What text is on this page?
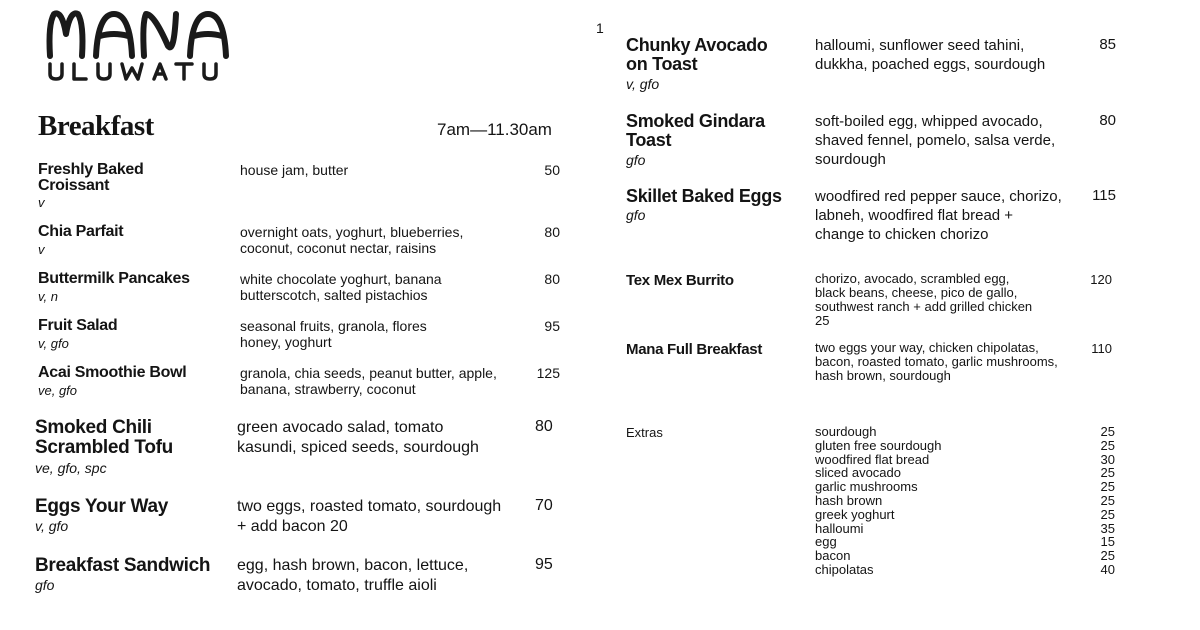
1
Breakfast	7am—11.30am
Freshly Baked Croissant
v
house jam, butter	50
Chia Parfait
v
overnight oats, yoghurt, blueberries, coconut, coconut nectar, raisins
80
Buttermilk Pancakes
v, n
white chocolate yoghurt, banana butterscotch, salted pistachios
80
Fruit Salad
v, gfo
seasonal fruits, granola, flores honey, yoghurt
95
Acai Smoothie Bowl
ve, gfo
granola, chia seeds, peanut butter, apple, banana, strawberry, coconut
125
Smoked Chili Scrambled Tofu
ve, gfo, spc
green avocado salad, tomato kasundi, spiced seeds, sourdough
80
Eggs Your Way
v, gfo
two eggs, roasted tomato, sourdough + add bacon 20
70
Breakfast Sandwich
gfo
egg, hash brown, bacon, lettuce, avocado, tomato, truffle aioli
95
Chunky Avocado on Toast
v, gfo
halloumi, sunflower seed tahini, dukkha, poached eggs, sourdough
85
Smoked Gindara Toast
gfo
soft-boiled egg, whipped avocado, shaved fennel, pomelo, salsa verde, sourdough
80
Skillet Baked Eggs
gfo
woodfired red pepper sauce, chorizo, labneh, woodfired flat bread + change to chicken chorizo
115
Tex Mex Burrito	chorizo, avocado, scrambled egg, black beans, cheese, pico de gallo, southwest ranch + add grilled chicken 25
120
Mana Full Breakfast	two eggs your way, chicken chipolatas, bacon, roasted tomato, garlic mushrooms, hash brown, sourdough
110
Extras	sourdough	25
gluten free sourdough	25
woodfired flat bread	30
sliced avocado	25
garlic mushrooms	25
hash brown	25
greek yoghurt	25
halloumi	35
egg	15
bacon	25
chipolatas	40
